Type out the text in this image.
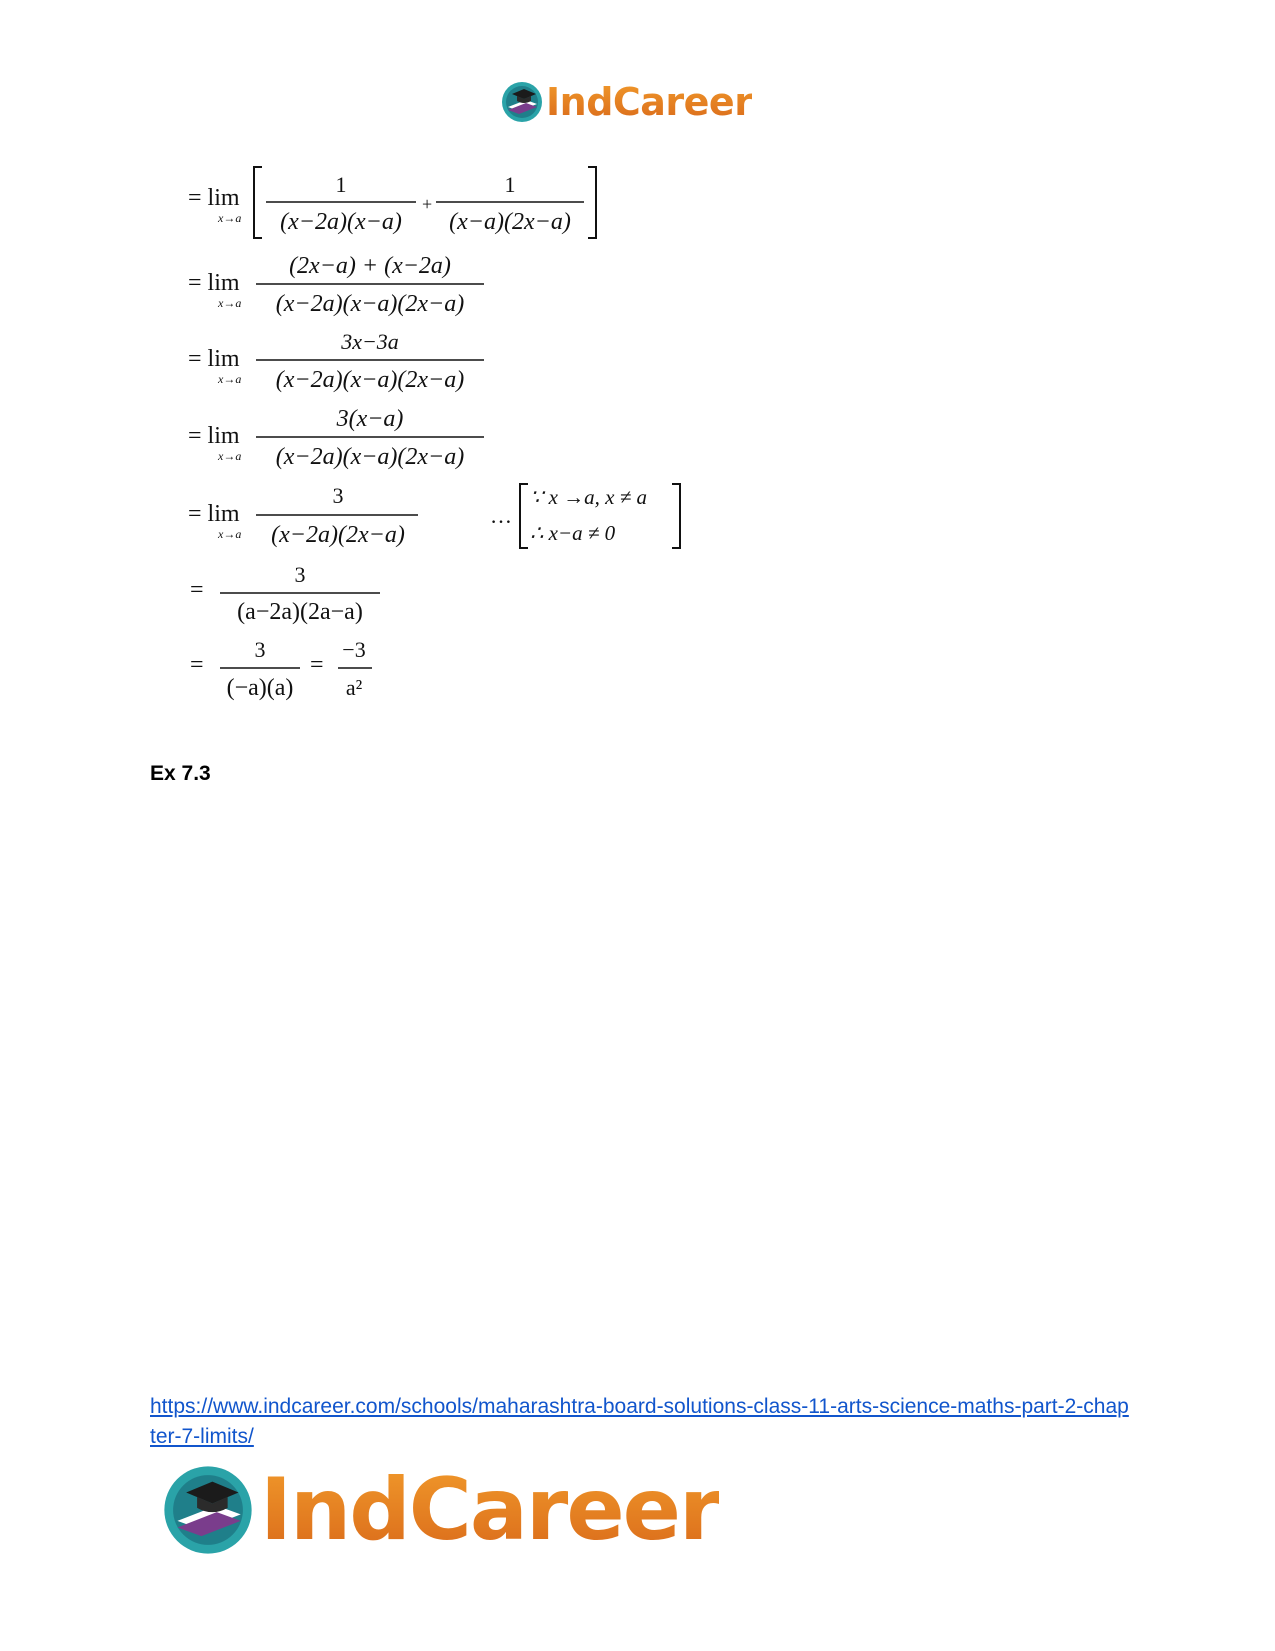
IndCareer
= lim
x→a
1
(x−2a)(x−a)
+
1
(x−a)(2x−a)
= lim
x→a
(2x−a) + (x−2a)
(x−2a)(x−a)(2x−a)
= lim
x→a
3x−3a
(x−2a)(x−a)(2x−a)
= lim
x→a
3(x−a)
(x−2a)(x−a)(2x−a)
= lim
x→a
3
(x−2a)(2x−a)
…
∵ x →a, x ≠ a
∴ x−a ≠ 0
=
3
(a−2a)(2a−a)
=
3
(−a)(a)
=
−3
a²

Ex 7.3

https://www.indcareer.com/schools/maharashtra-board-solutions-class-11-arts-science-maths-part-2-chapter-7-limits/
IndCareer
